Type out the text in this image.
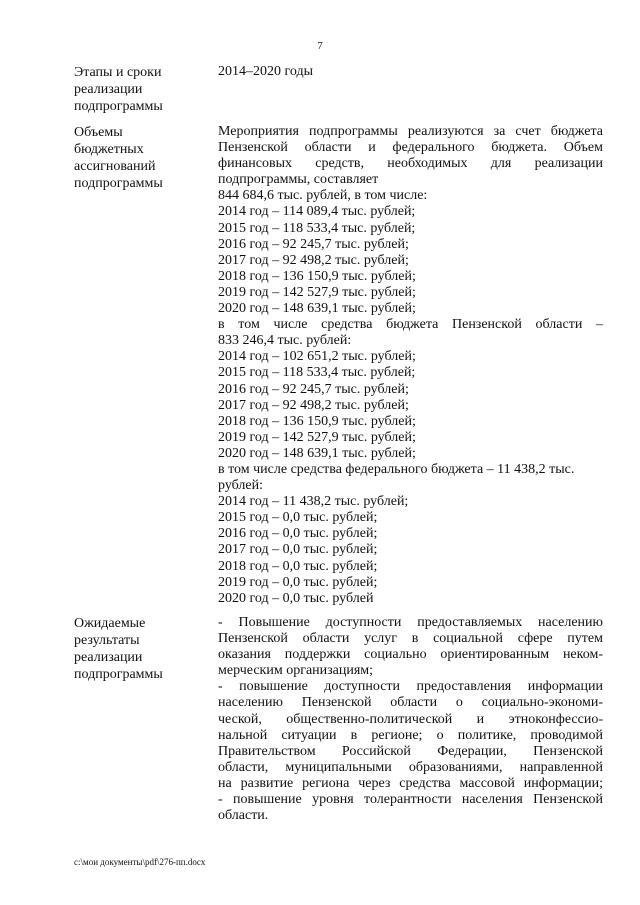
7
Этапы и сроки
реализации
подпрограммы
2014–2020 годы
Объемы
бюджетных
ассигнований
подпрограммы
Мероприятия подпрограммы реализуются за счет бюджета
Пензенской области и федерального бюджета. Объем
финансовых средств, необходимых для реализации
подпрограммы, составляет
844 684,6 тыс. рублей, в том числе:
2014 год – 114 089,4 тыс. рублей;
2015 год – 118 533,4 тыс. рублей;
2016 год – 92 245,7 тыс. рублей;
2017 год – 92 498,2 тыс. рублей;
2018 год – 136 150,9 тыс. рублей;
2019 год – 142 527,9 тыс. рублей;
2020 год – 148 639,1 тыс. рублей;
в том числе средства бюджета Пензенской области –
833 246,4 тыс. рублей:
2014 год – 102 651,2 тыс. рублей;
2015 год – 118 533,4 тыс. рублей;
2016 год – 92 245,7 тыс. рублей;
2017 год – 92 498,2 тыс. рублей;
2018 год – 136 150,9 тыс. рублей;
2019 год – 142 527,9 тыс. рублей;
2020 год – 148 639,1 тыс. рублей;
в том числе средства федерального бюджета – 11 438,2 тыс.
рублей:
2014 год – 11 438,2 тыс. рублей;
2015 год – 0,0 тыс. рублей;
2016 год – 0,0 тыс. рублей;
2017 год – 0,0 тыс. рублей;
2018 год – 0,0 тыс. рублей;
2019 год – 0,0 тыс. рублей;
2020 год – 0,0 тыс. рублей
Ожидаемые
результаты
реализации
подпрограммы
- Повышение доступности предоставляемых населению
Пензенской области услуг в социальной сфере путем
оказания поддержки социально ориентированным неком-
мерческим организациям;
- повышение доступности предоставления информации
населению Пензенской области о социально-экономи-
ческой, общественно-политической и этноконфессио-
нальной ситуации в регионе; о политике, проводимой
Правительством Российской Федерации, Пензенской
области, муниципальными образованиями, направленной
на развитие региона через средства массовой информации;
- повышение уровня толерантности населения Пензенской
области.
c:\мои документы\pdf\276-пп.docx
